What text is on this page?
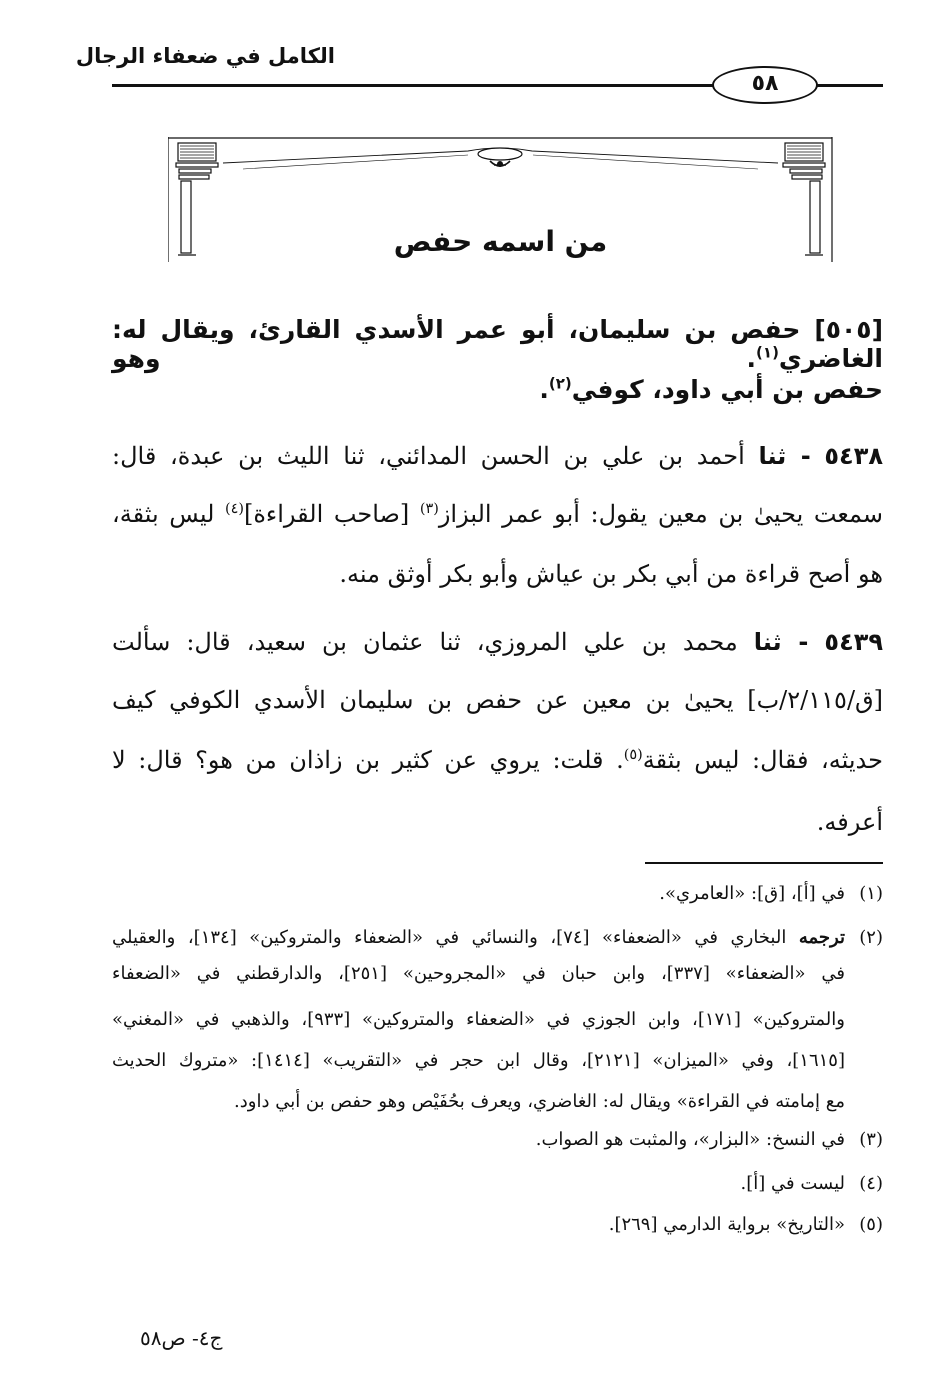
الكامل في ضعفاء الرجال
٥٨
من اسمه حفص
[٥٠٥] حفص بن سليمان، أبو عمر الأسدي القارئ، ويقال له: الغاضري$^{(١)}$. وهو
حفص بن أبي داود، كوفي$^{(٢)}$.
٥٤٣٨ - ثنا أحمد بن علي بن الحسن المدائني، ثنا الليث بن عبدة، قال:
سمعت يحيىٰ بن معين يقول: أبو عمر البزاز$^{(٣)}$ [صاحب القراءة]$^{(٤)}$ ليس بثقة،
هو أصح قراءة من أبي بكر بن عياش وأبو بكر أوثق منه.
٥٤٣٩ - ثنا محمد بن علي المروزي، ثنا عثمان بن سعيد، قال: سألت
[ق/٢/١١٥/ب] يحيىٰ بن معين عن حفص بن سليمان الأسدي الكوفي كيف
حديثه، فقال: ليس بثقة$^{(٥)}$. قلت: يروي عن كثير بن زاذان من هو؟ قال: لا
أعرفه.
(١)في [أ]، [ق]: «العامري».
(٢)ترجمه البخاري في «الضعفاء» [٧٤]، والنسائي في «الضعفاء والمتروكين» [١٣٤]، والعقيلي
في «الضعفاء» [٣٣٧]، وابن حبان في «المجروحين» [٢٥١]، والدارقطني في «الضعفاء
والمتروكين» [١٧١]، وابن الجوزي في «الضعفاء والمتروكين» [٩٣٣]، والذهبي في «المغني»
[١٦١٥]، وفي «الميزان» [٢١٢١]، وقال ابن حجر في «التقريب» [١٤١٤]: «متروك الحديث
مع إمامته في القراءة» ويقال له: الغاضري، ويعرف بحُفَيْص وهو حفص بن أبي داود.
(٣)في النسخ: «البزار»، والمثبت هو الصواب.
(٤)ليست في [أ].
(٥)«التاريخ» برواية الدارمي [٢٦٩].
ج٤- ص٥٨
